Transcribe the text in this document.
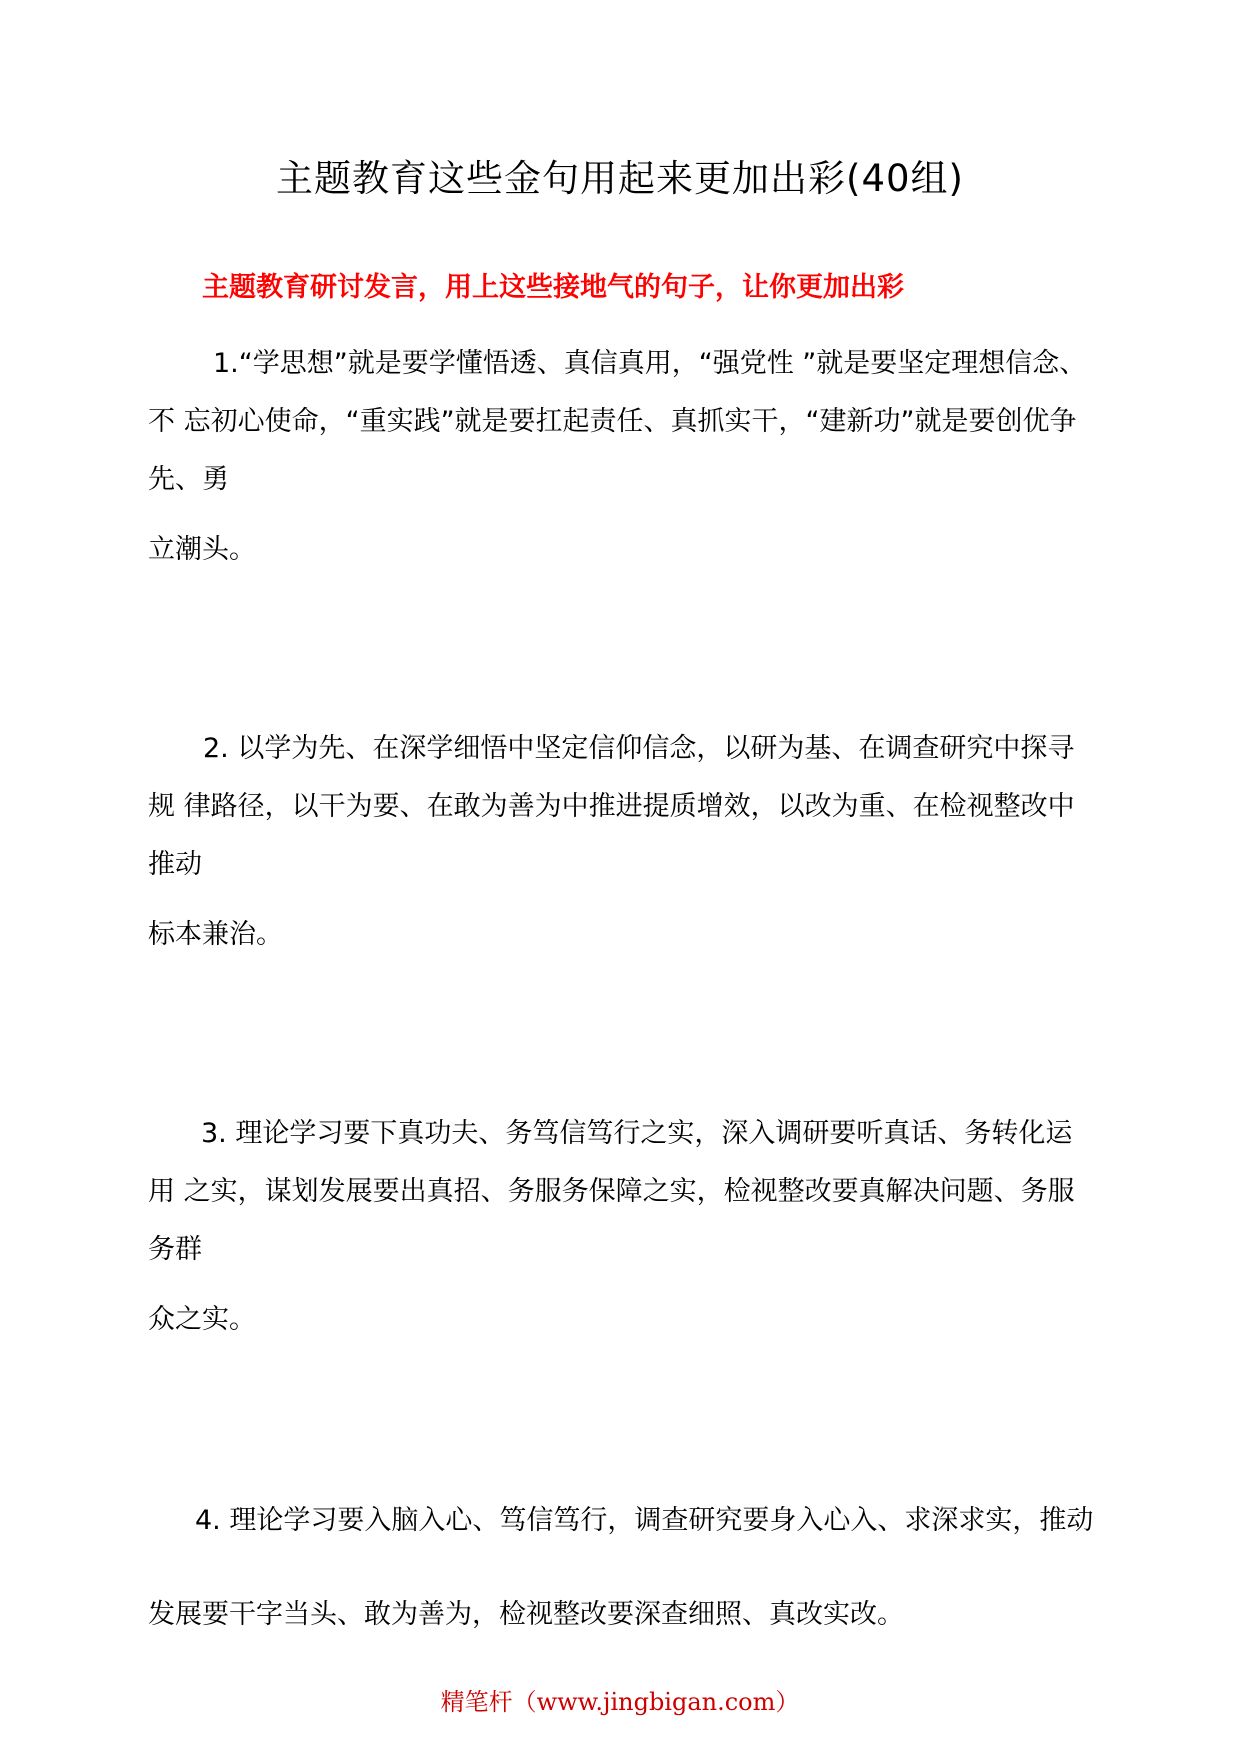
主题教育这些金句用起来更加出彩(40组)
主题教育研讨发言，用上这些接地气的句子，让你更加出彩
1.“学思想”就是要学懂悟透、真信真用，“强党性 ”就是要坚定理想信念、
不 忘初心使命，“重实践”就是要扛起责任、真抓实干，“建新功”就是要创优争
先、勇
立潮头。
2. 以学为先、在深学细悟中坚定信仰信念，以研为基、在调查研究中探寻
规 律路径，以干为要、在敢为善为中推进提质增效，以改为重、在检视整改中
推动
标本兼治。
3. 理论学习要下真功夫、务笃信笃行之实，深入调研要听真话、务转化运
用 之实，谋划发展要出真招、务服务保障之实，检视整改要真解决问题、务服
务群
众之实。
4. 理论学习要入脑入心、笃信笃行，调查研究要身入心入、求深求实，推动
发展要干字当头、敢为善为，检视整改要深查细照、真改实改。
精笔杆（www.jingbigan.com）
